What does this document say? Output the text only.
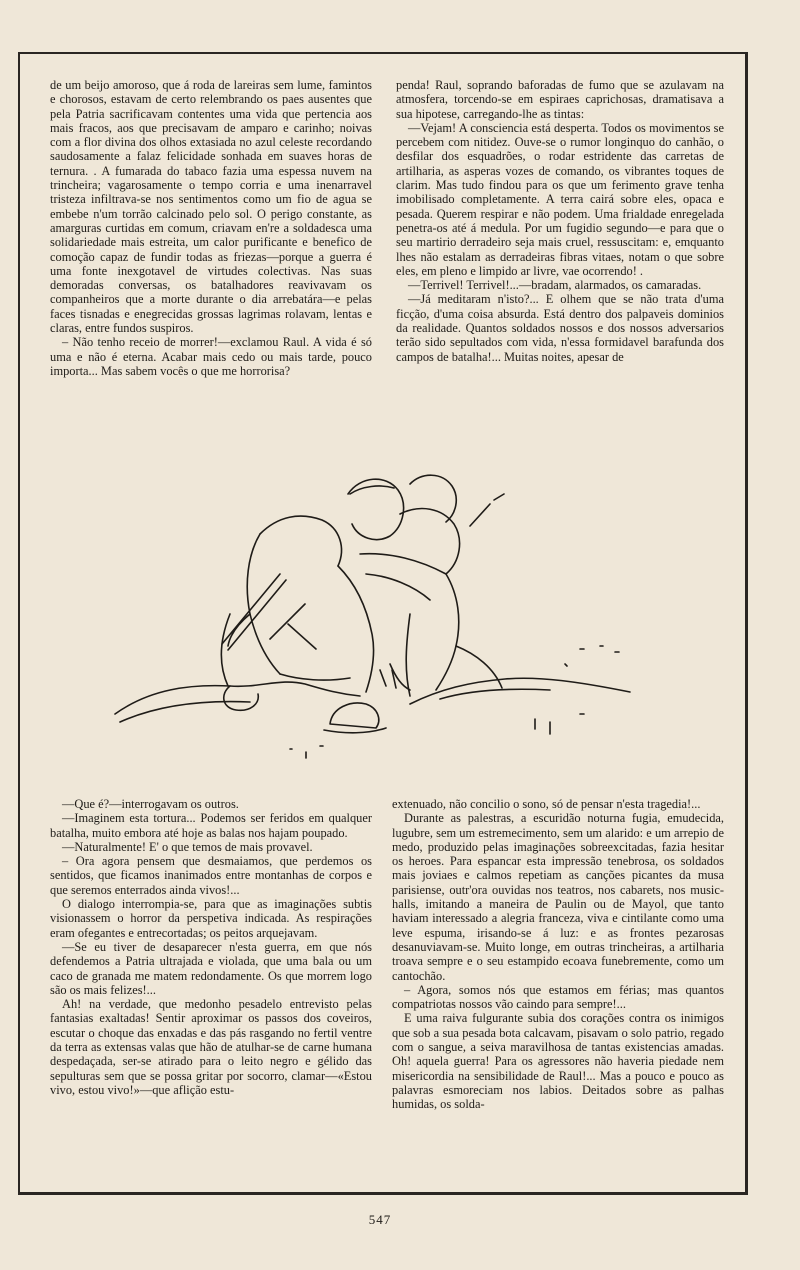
de um beijo amoroso, que á roda de lareiras sem lume, famintos e chorosos, estavam de certo relembrando os paes ausentes que pela Patria sacrificavam contentes uma vida que pertencia aos mais fracos, aos que precisavam de amparo e carinho; noivas com a flor divina dos olhos extasiada no azul celeste recordando saudosamente a falaz felicidade sonhada em suaves horas de ternura. . A fumarada do tabaco fazia uma espessa nuvem na trincheira; vagarosamente o tempo corria e uma inenarravel tristeza infiltrava-se nos sentimentos como um fio de agua se embebe n'um torrão calcinado pelo sol. O perigo constante, as amarguras curtidas em comum, criavam en're a soldadesca uma solidariedade mais estreita, um calor purificante e benefico de comoção capaz de fundir todas as friezas—porque a guerra é uma fonte inexgotavel de virtudes colectivas. Nas suas demoradas conversas, os batalhadores reavivavam os companheiros que a morte durante o dia arrebatára—e pelas faces tisnadas e enegrecidas grossas lagrimas rolavam, lentas e claras, entre fundos suspiros.

– Não tenho receio de morrer!—exclamou Raul. A vida é só uma e não é eterna. Acabar mais cedo ou mais tarde, pouco importa... Mas sabem vocês o que me horrorisa?

penda! Raul, soprando baforadas de fumo que se azulavam na atmosfera, torcendo-se em espiraes caprichosas, dramatisava a sua hipotese, carregando-lhe as tintas:

—Vejam! A consciencia está desperta. Todos os movimentos se percebem com nitidez. Ouve-se o rumor longinquo do canhão, o desfilar dos esquadrões, o rodar estridente das carretas de artilharia, as asperas vozes de comando, os vibrantes toques de clarim. Mas tudo findou para os que um ferimento grave tenha imobilisado completamente. A terra cairá sobre eles, opaca e pesada. Querem respirar e não podem. Uma frialdade enregelada penetra-os até á medula. Por um fugidio segundo—e para que o seu martirio derradeiro seja mais cruel, ressuscitam: e, emquanto lhes não estalam as derradeiras fibras vitaes, notam o que sobre eles, em pleno e limpido ar livre, vae ocorrendo! .

—Terrivel! Terrivel!...—bradam, alarmados, os camaradas.

—Já meditaram n'isto?... E olhem que se não trata d'uma ficção, d'uma coisa absurda. Está dentro dos palpaveis dominios da realidade. Quantos soldados nossos e dos nossos adversarios terão sido sepultados com vida, n'essa formidavel barafunda dos campos de batalha!... Muitas noites, apesar de

—Que é?—interrogavam os outros.

—Imaginem esta tortura... Podemos ser feridos em qualquer batalha, muito embora até hoje as balas nos hajam poupado.

—Naturalmente! E' o que temos de mais provavel.

– Ora agora pensem que desmaiamos, que perdemos os sentidos, que ficamos inanimados entre montanhas de corpos e que seremos enterrados ainda vivos!...

O dialogo interrompia-se, para que as imaginações subtis visionassem o horror da perspetiva indicada. As respirações eram ofegantes e entrecortadas; os peitos arquejavam.

—Se eu tiver de desaparecer n'esta guerra, em que nós defendemos a Patria ultrajada e violada, que uma bala ou um caco de granada me matem redondamente. Os que morrem logo são os mais felizes!...

Ah! na verdade, que medonho pesadelo entrevisto pelas fantasias exaltadas! Sentir aproximar os passos dos coveiros, escutar o choque das enxadas e das pás rasgando no fertil ventre da terra as extensas valas que hão de atulhar-se de carne humana despedaçada, ser-se atirado para o leito negro e gélido das sepulturas sem que se possa gritar por socorro, clamar—«Estou vivo, estou vivo!»—que aflição estu-

extenuado, não concilio o sono, só de pensar n'esta tragedia!...

Durante as palestras, a escuridão noturna fugia, emudecida, lugubre, sem um estremecimento, sem um alarido: e um arrepio de medo, produzido pelas imaginações sobreexcitadas, fazia hesitar os heroes. Para espancar esta impressão tenebrosa, os soldados mais joviaes e calmos repetiam as canções picantes da musa parisiense, outr'ora ouvidas nos teatros, nos cabarets, nos music-halls, imitando a maneira de Paulin ou de Mayol, que tanto haviam interessado a alegria franceza, viva e cintilante como uma leve espuma, irisando-se á luz: e as frontes pezarosas desanuviavam-se. Muito longe, em outras trincheiras, a artilharia troava sempre e o seu estampido ecoava funebremente, como um cantochão.

– Agora, somos nós que estamos em férias; mas quantos compatriotas nossos vão caindo para sempre!...

E uma raiva fulgurante subia dos corações contra os inimigos que sob a sua pesada bota calcavam, pisavam o solo patrio, regado com o sangue, a seiva maravilhosa de tantas existencias amadas. Oh! aquela guerra! Para os agressores não haveria piedade nem misericordia na sensibilidade de Raul!... Mas a pouco e pouco as palavras esmoreciam nos labios. Deitados sobre as palhas humidas, os solda-

547
